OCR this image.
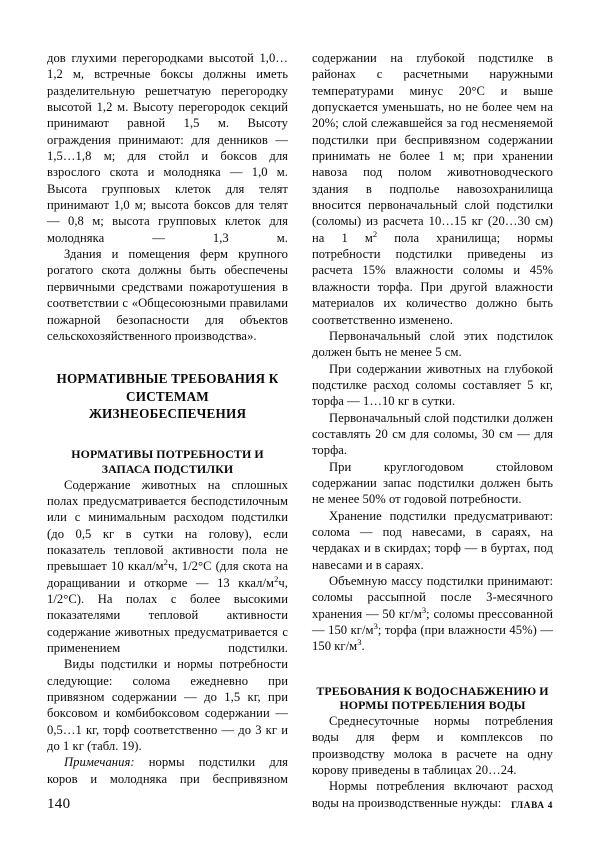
дов глухими перегородками высотой 1,0…1,2 м, встречные боксы должны иметь разделительную решетчатую перегородку высотой 1,2 м. Высоту перегородок секций принимают равной 1,5 м. Высоту ограждения принимают: для денников — 1,5…1,8 м; для стойл и боксов для взрослого скота и молодняка — 1,0 м. Высота групповых клеток для телят принимают 1,0 м; высота боксов для телят — 0,8 м; высота групповых клеток для молодняка — 1,3 м.

Здания и помещения ферм крупного рогатого скота должны быть обеспечены первичными средствами пожаротушения в соответствии с «Общесоюзными правилами пожарной безопасности для объектов сельскохозяйственного производства».

НОРМАТИВНЫЕ ТРЕБОВАНИЯ К СИСТЕМАМ ЖИЗНЕОБЕСПЕЧЕНИЯ
НОРМАТИВЫ ПОТРЕБНОСТИ И ЗАПАСА ПОДСТИЛКИ

Содержание животных на сплошных полах предусматривается бесподстилочным или с минимальным расходом подстилки (до 0,5 кг в сутки на голову), если показатель тепловой активности пола не превышает 10 ккал/$м^2ч$, 1/2°С (для скота на доращивании и откорме — 13 ккал/$м^2ч$, 1/2°С). На полах с более высокими показателями тепловой активности содержание животных предусматривается с применением подстилки.

Виды подстилки и нормы потребности следующие: солома ежедневно при привязном содержании — до 1,5 кг, при боксовом и комбибоксовом содержании — 0,5…1 кг, торф соответственно — до 3 кг и до 1 кг (табл. 19).

Примечания: нормы подстилки для коров и молодняка при беспривязном

содержании на глубокой подстилке в районах с расчетными наружными температурами минус 20°С и выше допускается уменьшать, но не более чем на 20%; слой слежавшейся за год несменяемой подстилки при беспривязном содержании принимать не более 1 м; при хранении навоза под полом животноводческого здания в подполье навозохранилища вносится первоначальный слой подстилки (соломы) из расчета 10…15 кг (20…30 см) на 1 $м^2$ пола хранилища; нормы потребности подстилки приведены из расчета 15% влажности соломы и 45% влажности торфа. При другой влажности материалов их количество должно быть соответственно изменено.

Первоначальный слой этих подстилок должен быть не менее 5 см.

При содержании животных на глубокой подстилке расход соломы составляет 5 кг, торфа — 1…10 кг в сутки.

Первоначальный слой подстилки должен составлять 20 см для соломы, 30 см — для торфа.

При круглогодовом стойловом содержании запас подстилки должен быть не менее 50% от годовой потребности.

Хранение подстилки предусматривают: солома — под навесами, в сараях, на чердаках и в скирдах; торф — в буртах, под навесами и в сараях.

Объемную массу подстилки принимают: соломы рассыпной после 3-месячного хранения — 50 $кг/м^3$; соломы прессованной — 150 $кг/м^3$; торфа (при влажности 45%) — 150 $кг/м^3$.

ТРЕБОВАНИЯ К ВОДОСНАБЖЕНИЮ И НОРМЫ ПОТРЕБЛЕНИЯ ВОДЫ

Среднесуточные нормы потребления воды для ферм и комплексов по производству молока в расчете на одну корову приведены в таблицах 20…24.

Нормы потребления включают расход воды на производственные нужды:

140	ГЛАВА 4
